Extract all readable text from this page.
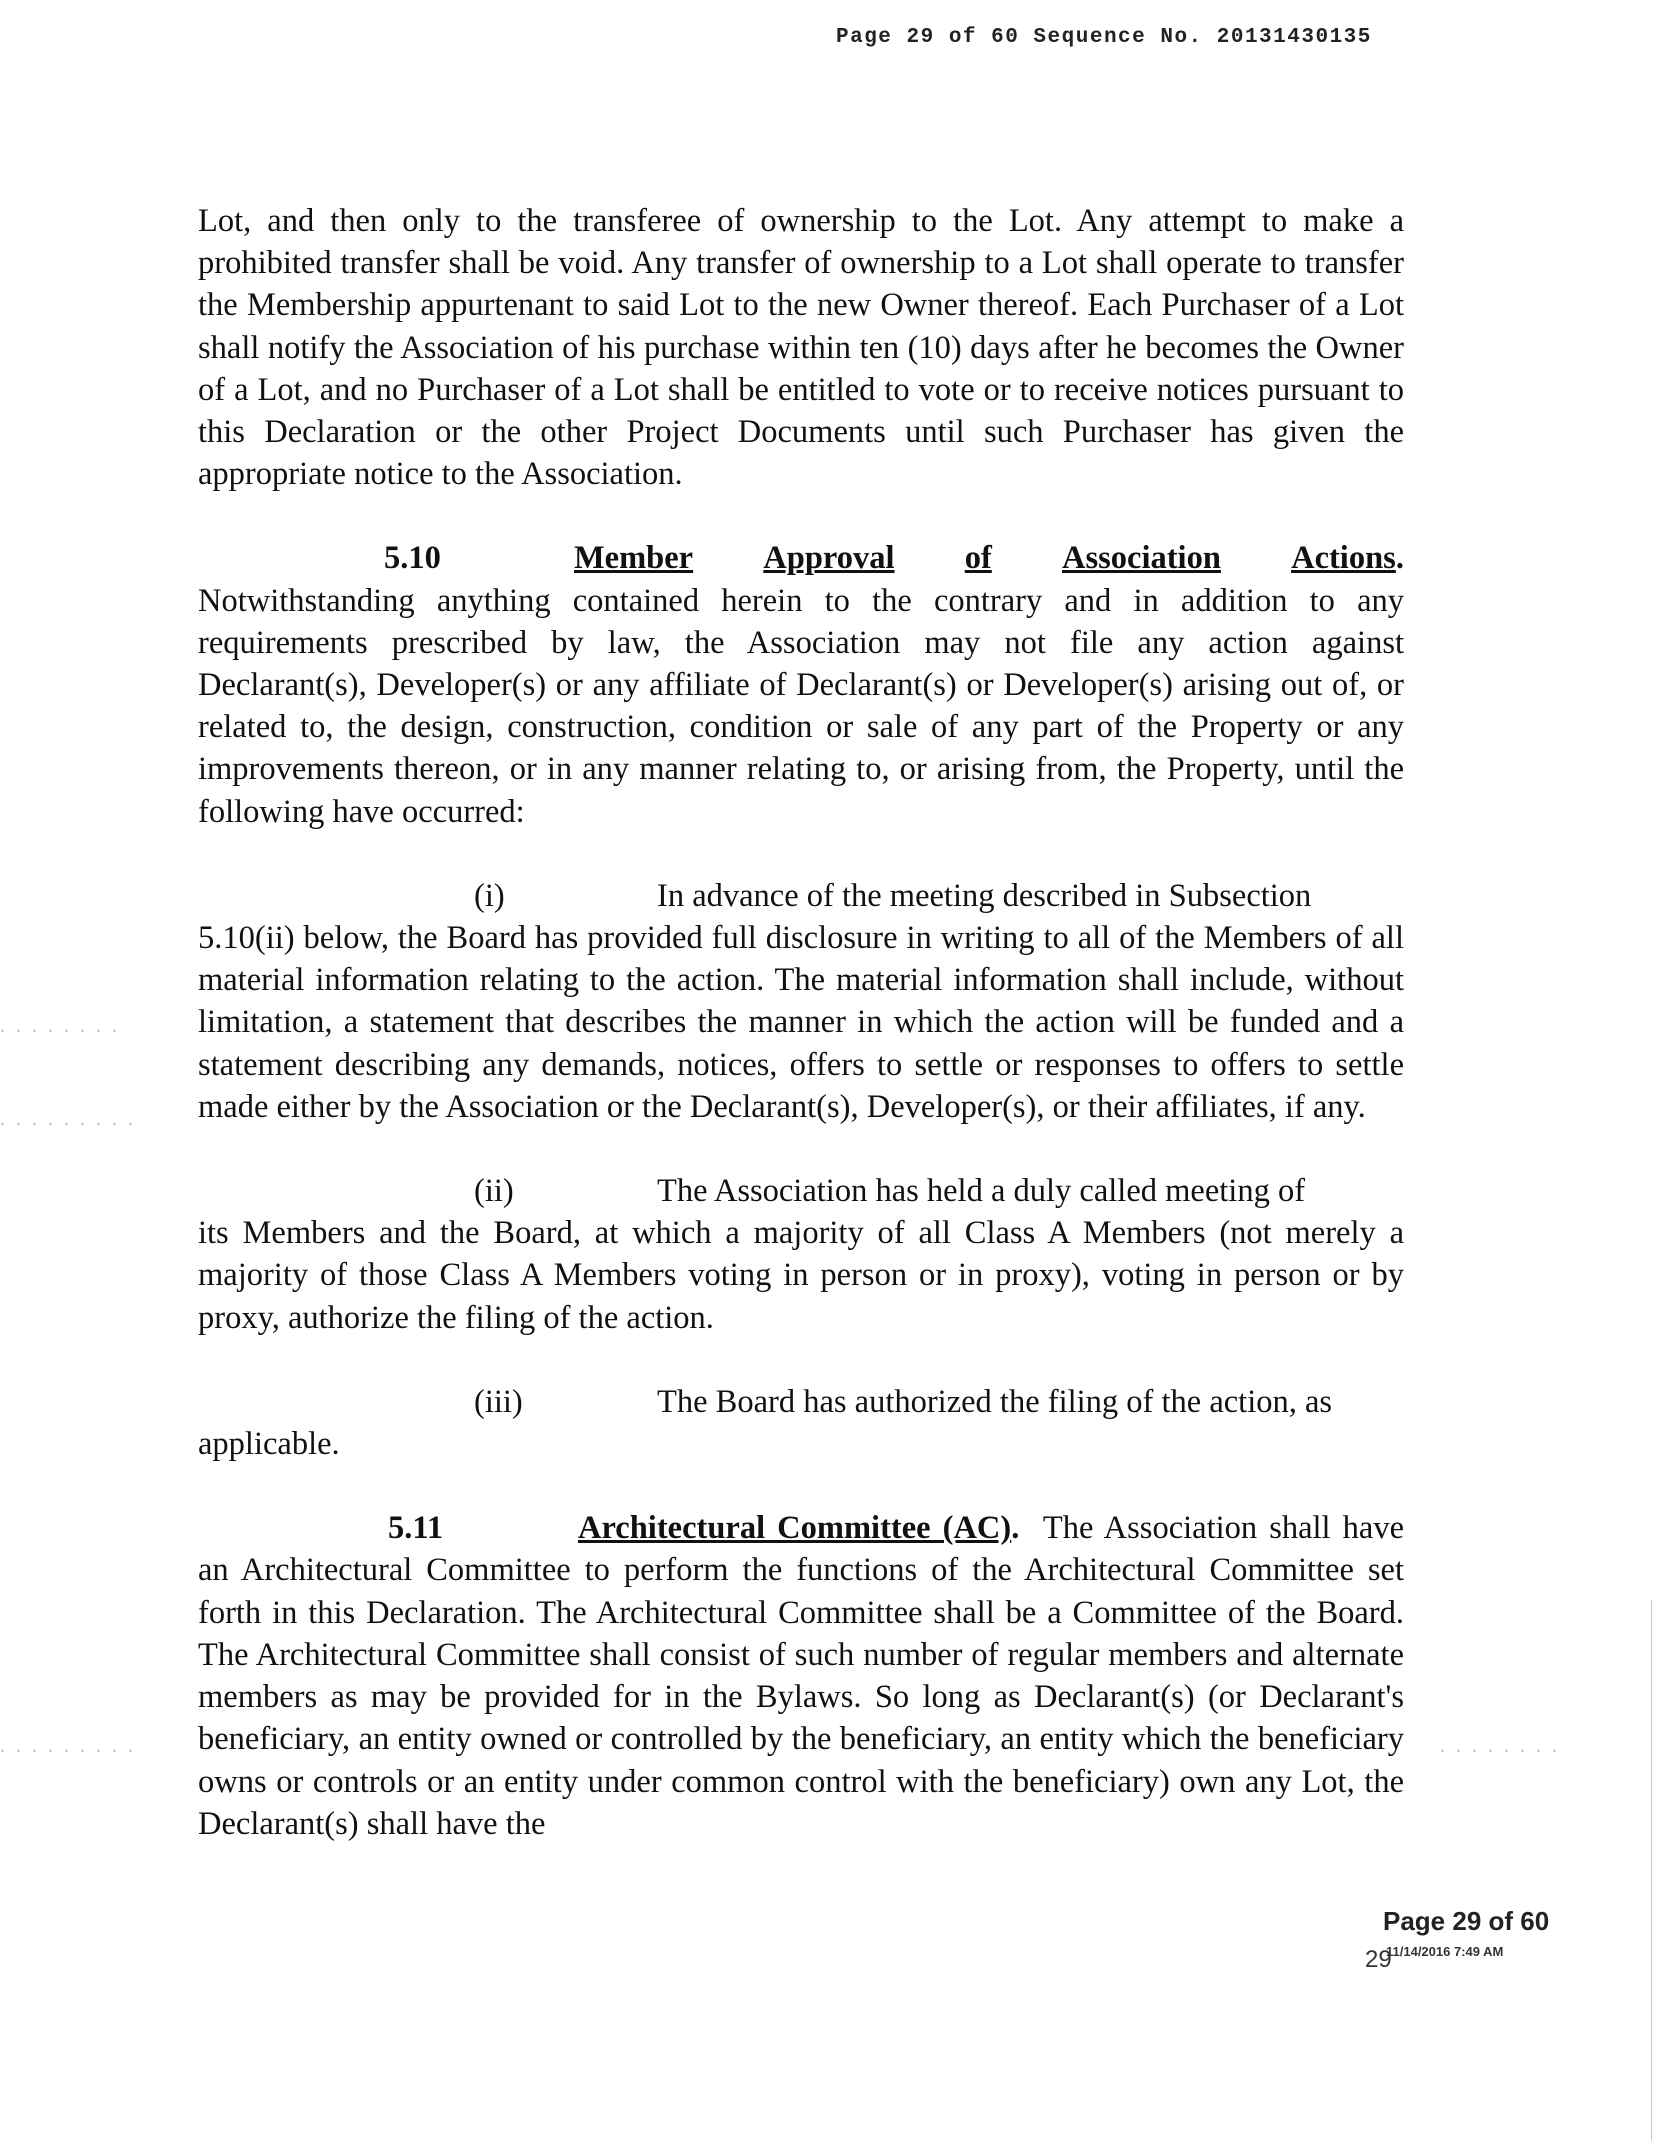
Page 29 of 60 Sequence No. 20131430135

Lot, and then only to the transferee of ownership to the Lot. Any attempt to make a prohibited transfer shall be void. Any transfer of ownership to a Lot shall operate to transfer the Membership appurtenant to said Lot to the new Owner thereof. Each Purchaser of a Lot shall notify the Association of his purchase within ten (10) days after he becomes the Owner of a Lot, and no Purchaser of a Lot shall be entitled to vote or to receive notices pursuant to this Declaration or the other Project Documents until such Purchaser has given the appropriate notice to the Association.

5.10	Member Approval of Association Actions.

Notwithstanding anything contained herein to the contrary and in addition to any requirements prescribed by law, the Association may not file any action against Declarant(s), Developer(s) or any affiliate of Declarant(s) or Developer(s) arising out of, or related to, the design, construction, condition or sale of any part of the Property or any improvements thereon, or in any manner relating to, or arising from, the Property, until the following have occurred:

(i)	In advance of the meeting described in Subsection

5.10(ii) below, the Board has provided full disclosure in writing to all of the Members of all material information relating to the action. The material information shall include, without limitation, a statement that describes the manner in which the action will be funded and a statement describing any demands, notices, offers to settle or responses to offers to settle made either by the Association or the Declarant(s), Developer(s), or their affiliates, if any.

(ii)	The Association has held a duly called meeting of

its Members and the Board, at which a majority of all Class A Members (not merely a majority of those Class A Members voting in person or in proxy), voting in person or by proxy, authorize the filing of the action.

(iii)	The Board has authorized the filing of the action, as

applicable.

5.11	Architectural Committee (AC). The Association shall have an Architectural Committee to perform the functions of the Architectural Committee set forth in this Declaration. The Architectural Committee shall be a Committee of the Board. The Architectural Committee shall consist of such number of regular members and alternate members as may be provided for in the Bylaws. So long as Declarant(s) (or Declarant's beneficiary, an entity owned or controlled by the beneficiary, an entity which the beneficiary owns or controls or an entity under common control with the beneficiary) own any Lot, the Declarant(s) shall have the

. . . . . . . .
. . . . . . . . .
. . . . . . . . .	. . . . . . . .
Page 29 of 60
29
11/14/2016 7:49 AM
